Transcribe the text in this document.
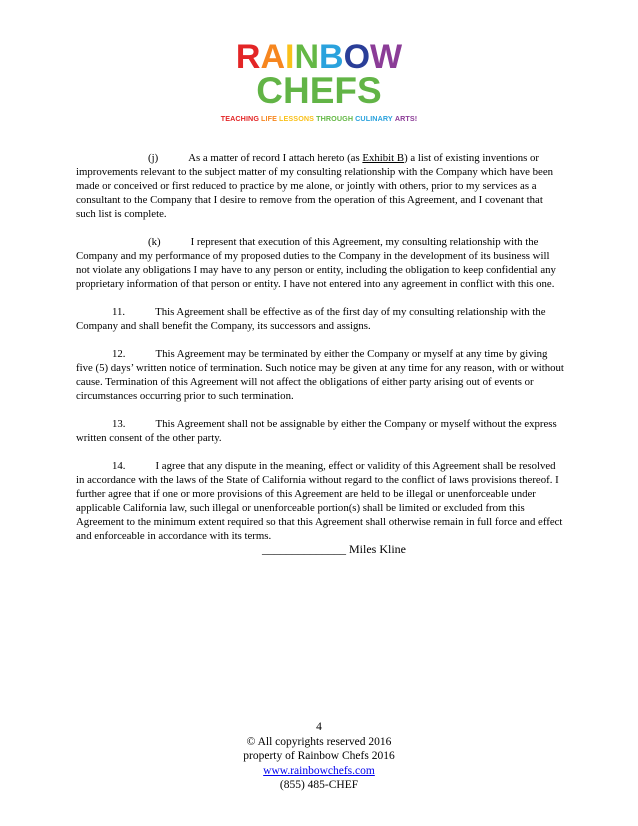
RAINBOW
CHEFS
TEACHING LIFE LESSONS THROUGH CULINARY ARTS!

(j)	As a matter of record I attach hereto (as Exhibit B) a list of existing inventions or improvements relevant to the subject matter of my consulting relationship with the Company which have been made or conceived or first reduced to practice by me alone, or jointly with others, prior to my services as a consultant to the Company that I desire to remove from the operation of this Agreement, and I covenant that such list is complete.

(k)	I represent that execution of this Agreement, my consulting relationship with the Company and my performance of my proposed duties to the Company in the development of its business will not violate any obligations I may have to any person or entity, including the obligation to keep confidential any proprietary information of that person or entity. I have not entered into any agreement in conflict with this one.

11.	This Agreement shall be effective as of the first day of my consulting relationship with the Company and shall benefit the Company, its successors and assigns.

12.	This Agreement may be terminated by either the Company or myself at any time by giving five (5) days’ written notice of termination. Such notice may be given at any time for any reason, with or without cause. Termination of this Agreement will not affect the obligations of either party arising out of events or circumstances occurring prior to such termination.

13.	This Agreement shall not be assignable by either the Company or myself without the express written consent of the other party.

14.	I agree that any dispute in the meaning, effect or validity of this Agreement shall be resolved in accordance with the laws of the State of California without regard to the conflict of laws provisions thereof. I further agree that if one or more provisions of this Agreement are held to be illegal or unenforceable under applicable California law, such illegal or unenforceable portion(s) shall be limited or excluded from this Agreement to the minimum extent required so that this Agreement shall otherwise remain in full force and effect and enforceable in accordance with its terms.

______________ Miles Kline
4
© All copyrights reserved 2016
property of Rainbow Chefs 2016
www.rainbowchefs.com
(855) 485-CHEF
